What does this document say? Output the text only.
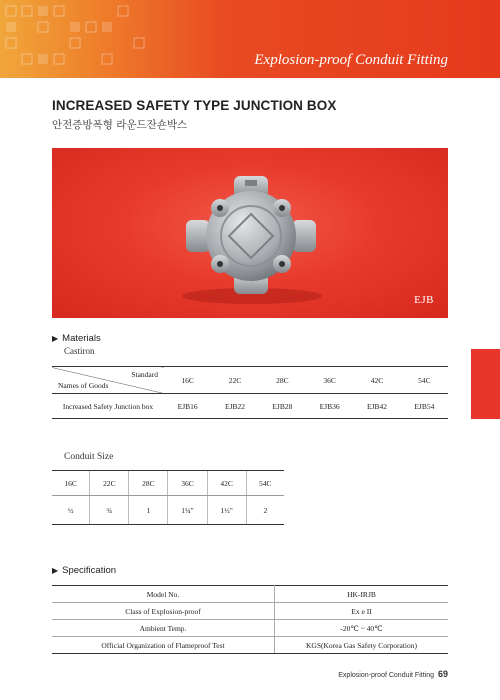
Explosion-proof Conduit Fitting
INCREASED SAFETY TYPE JUNCTION BOX
안전증방폭형 라운드잔숀박스
EJB
▶ Materials
Castiron
Standard
Names of Goods	16C	22C	28C	36C	42C	54C
Increased Safety Junction box	EJB16	EJB22	EJB28	EJB36	EJB42	EJB54
Conduit Size
16C	22C	28C	36C	42C	54C
½	¾	1	1¼"	1½"	2
▶ Specification
Model No.	HK-IRJB
Class of Explosion-proof	Ex e II
Ambient Temp.	-20℃ ~ 40℃
Official Organization of Flameproof Test	KGS(Korea Gas Safety Corporation)
Explosion-proof Conduit Fitting 69
